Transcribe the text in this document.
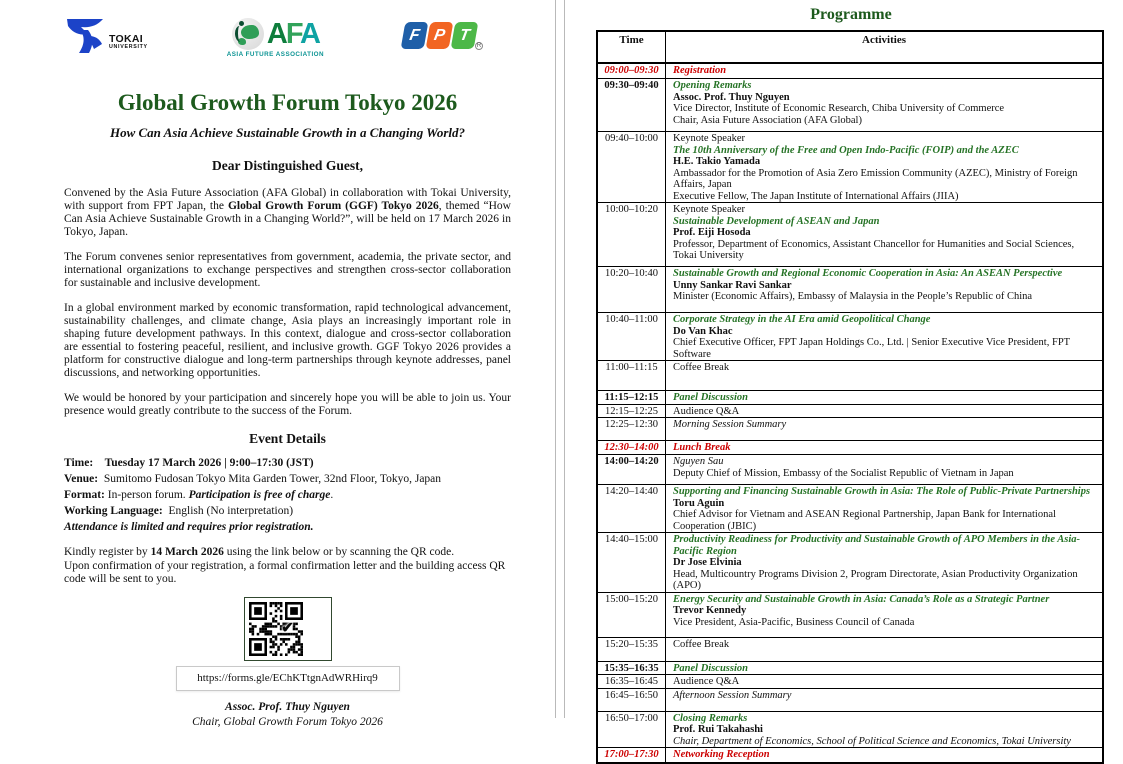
TOKAI
UNIVERSITY	AFA
ASIA FUTURE ASSOCIATION
F P T
R
Global Growth Forum Tokyo 2026
How Can Asia Achieve Sustainable Growth in a Changing World?
Dear Distinguished Guest,

Convened by the Asia Future Association (AFA Global) in collaboration with Tokai University, with support from FPT Japan, the Global Growth Forum (GGF) Tokyo 2026, themed “How Can Asia Achieve Sustainable Growth in a Changing World?”, will be held on 17 March 2026 in Tokyo, Japan.

The Forum convenes senior representatives from government, academia, the private sector, and international organizations to exchange perspectives and strengthen cross-sector collaboration for sustainable and inclusive development.

In a global environment marked by economic transformation, rapid technological advancement, sustainability challenges, and climate change, Asia plays an increasingly important role in shaping future development pathways. In this context, dialogue and cross-sector collaboration are essential to fostering peaceful, resilient, and inclusive growth. GGF Tokyo 2026 provides a platform for constructive dialogue and long-term partnerships through keynote addresses, panel discussions, and networking opportunities.

We would be honored by your participation and sincerely hope you will be able to join us. Your presence would greatly contribute to the success of the Forum.

Event Details
Time:    Tuesday 17 March 2026 | 9:00–17:30 (JST)
Venue:  Sumitomo Fudosan Tokyo Mita Garden Tower, 32nd Floor, Tokyo, Japan
Format: In-person forum. Participation is free of charge.
Working Language:  English (No interpretation)
Attendance is limited and requires prior registration.
Kindly register by 14 March 2026 using the link below or by scanning the QR code.
Upon confirmation of your registration, a formal confirmation letter and the building access QR code will be sent to you.
✔
https://forms.gle/EChKTtgnAdWRHirq9
Assoc. Prof. Thuy Nguyen
Chair, Global Growth Forum Tokyo 2026
Programme
Time	Activities
09:00–09:30	Registration
09:30–09:40	Opening Remarks
Assoc. Prof. Thuy Nguyen
Vice Director, Institute of Economic Research, Chiba University of Commerce
Chair, Asia Future Association (AFA Global)
09:40–10:00	Keynote Speaker
The 10th Anniversary of the Free and Open Indo-Pacific (FOIP) and the AZEC
H.E. Takio Yamada
Ambassador for the Promotion of Asia Zero Emission Community (AZEC), Ministry of Foreign Affairs, Japan
Executive Fellow, The Japan Institute of International Affairs (JIIA)
10:00–10:20	Keynote Speaker
Sustainable Development of ASEAN and Japan
Prof. Eiji Hosoda
Professor, Department of Economics, Assistant Chancellor for Humanities and Social Sciences,
Tokai University
10:20–10:40	Sustainable Growth and Regional Economic Cooperation in Asia: An ASEAN Perspective
Unny Sankar Ravi Sankar
Minister (Economic Affairs), Embassy of Malaysia in the People’s Republic of China
10:40–11:00	Corporate Strategy in the AI Era amid Geopolitical Change
Do Van Khac
Chief Executive Officer, FPT Japan Holdings Co., Ltd. | Senior Executive Vice President, FPT Software
11:00–11:15	Coffee Break
11:15–12:15	Panel Discussion
12:15–12:25	Audience Q&A
12:25–12:30	Morning Session Summary
12:30–14:00	Lunch Break
14:00–14:20	Nguyen Sau
Deputy Chief of Mission, Embassy of the Socialist Republic of Vietnam in Japan
14:20–14:40	Supporting and Financing Sustainable Growth in Asia: The Role of Public-Private Partnerships
Toru Aguin
Chief Advisor for Vietnam and ASEAN Regional Partnership, Japan Bank for International Cooperation (JBIC)
14:40–15:00	Productivity Readiness for Productivity and Sustainable Growth of APO Members in the Asia-Pacific Region
Dr Jose Elvinia
Head, Multicountry Programs Division 2, Program Directorate, Asian Productivity Organization (APO)
15:00–15:20	Energy Security and Sustainable Growth in Asia: Canada’s Role as a Strategic Partner
Trevor Kennedy
Vice President, Asia-Pacific, Business Council of Canada
15:20–15:35	Coffee Break
15:35–16:35	Panel Discussion
16:35–16:45	Audience Q&A
16:45–16:50	Afternoon Session Summary
16:50–17:00	Closing Remarks
Prof. Rui Takahashi
Chair, Department of Economics, School of Political Science and Economics, Tokai University
17:00–17:30	Networking Reception
